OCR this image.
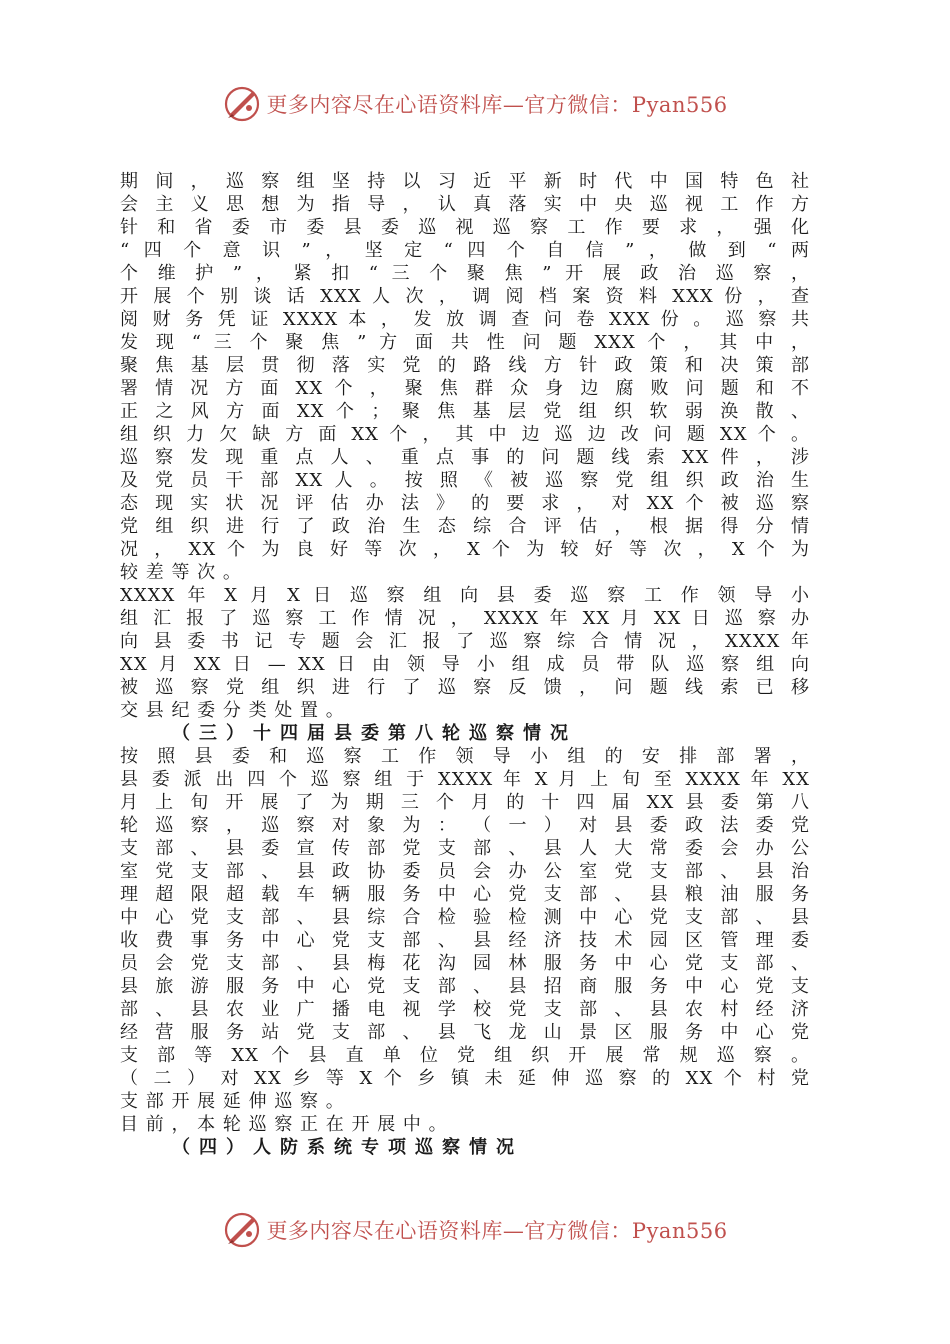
更多内容尽在心语资料库—官方微信：Pyan556
期 间 ， 巡 察 组 坚 持 以 习 近 平 新 时 代 中 国 特 色 社
会 主 义 思 想 为 指 导 ， 认 真 落 实 中 央 巡 视 工 作 方
针 和 省 委 市 委 县 委 巡 视 巡 察 工 作 要 求 ， 强 化
“ 四 个 意 识 ” ， 坚 定 “ 四 个 自 信 ” ， 做 到 “ 两
个 维 护 ” ， 紧 扣 “ 三 个 聚 焦 ” 开 展 政 治 巡 察 ，
开 展 个 别 谈 话 XXX 人 次 ， 调 阅 档 案 资 料 XXX 份 ， 查
阅 财 务 凭 证 XXXX 本 ， 发 放 调 查 问 卷 XXX 份 。 巡 察 共
发 现 “ 三 个 聚 焦 ” 方 面 共 性 问 题 XXX 个 ， 其 中 ，
聚 焦 基 层 贯 彻 落 实 党 的 路 线 方 针 政 策 和 决 策 部
署 情 况 方 面 XX 个 ， 聚 焦 群 众 身 边 腐 败 问 题 和 不
正 之 风 方 面 XX 个 ； 聚 焦 基 层 党 组 织 软 弱 涣 散 、
组 织 力 欠 缺 方 面 XX 个 ， 其 中 边 巡 边 改 问 题 XX 个 。
巡 察 发 现 重 点 人 、 重 点 事 的 问 题 线 索 XX 件 ， 涉
及 党 员 干 部 XX 人 。 按 照 《 被 巡 察 党 组 织 政 治 生
态 现 实 状 况 评 估 办 法 》 的 要 求 ， 对 XX 个 被 巡 察
党 组 织 进 行 了 政 治 生 态 综 合 评 估 ， 根 据 得 分 情
况 ， XX 个 为 良 好 等 次 ， X 个 为 较 好 等 次 ， X 个 为
较 差 等 次 。
XXXX 年 X 月 X 日 巡 察 组 向 县 委 巡 察 工 作 领 导 小
组 汇 报 了 巡 察 工 作 情 况 ， XXXX 年 XX 月 XX 日 巡 察 办
向 县 委 书 记 专 题 会 汇 报 了 巡 察 综 合 情 况 ， XXXX 年
XX 月 XX 日 — XX 日 由 领 导 小 组 成 员 带 队 巡 察 组 向
被 巡 察 党 组 织 进 行 了 巡 察 反 馈 ， 问 题 线 索 已 移
交 县 纪 委 分 类 处 置 。
（三）十四届县委第八轮巡察情况
按 照 县 委 和 巡 察 工 作 领 导 小 组 的 安 排 部 署 ，
县 委 派 出 四 个 巡 察 组 于 XXXX 年 X 月 上 旬 至 XXXX 年 XX
月 上 旬 开 展 了 为 期 三 个 月 的 十 四 届 XX 县 委 第 八
轮 巡 察 ， 巡 察 对 象 为 ： （ 一 ） 对 县 委 政 法 委 党
支 部 、 县 委 宣 传 部 党 支 部 、 县 人 大 常 委 会 办 公
室 党 支 部 、 县 政 协 委 员 会 办 公 室 党 支 部 、 县 治
理 超 限 超 载 车 辆 服 务 中 心 党 支 部 、 县 粮 油 服 务
中 心 党 支 部 、 县 综 合 检 验 检 测 中 心 党 支 部 、 县
收 费 事 务 中 心 党 支 部 、 县 经 济 技 术 园 区 管 理 委
员 会 党 支 部 、 县 梅 花 沟 园 林 服 务 中 心 党 支 部 、
县 旅 游 服 务 中 心 党 支 部 、 县 招 商 服 务 中 心 党 支
部 、 县 农 业 广 播 电 视 学 校 党 支 部 、 县 农 村 经 济
经 营 服 务 站 党 支 部 、 县 飞 龙 山 景 区 服 务 中 心 党
支 部 等 XX 个 县 直 单 位 党 组 织 开 展 常 规 巡 察 。
（ 二 ） 对 XX 乡 等 X 个 乡 镇 未 延 伸 巡 察 的 XX 个 村 党
支 部 开 展 延 伸 巡 察 。
目 前 ， 本 轮 巡 察 正 在 开 展 中 。
（四）人防系统专项巡察情况
更多内容尽在心语资料库—官方微信：Pyan556
